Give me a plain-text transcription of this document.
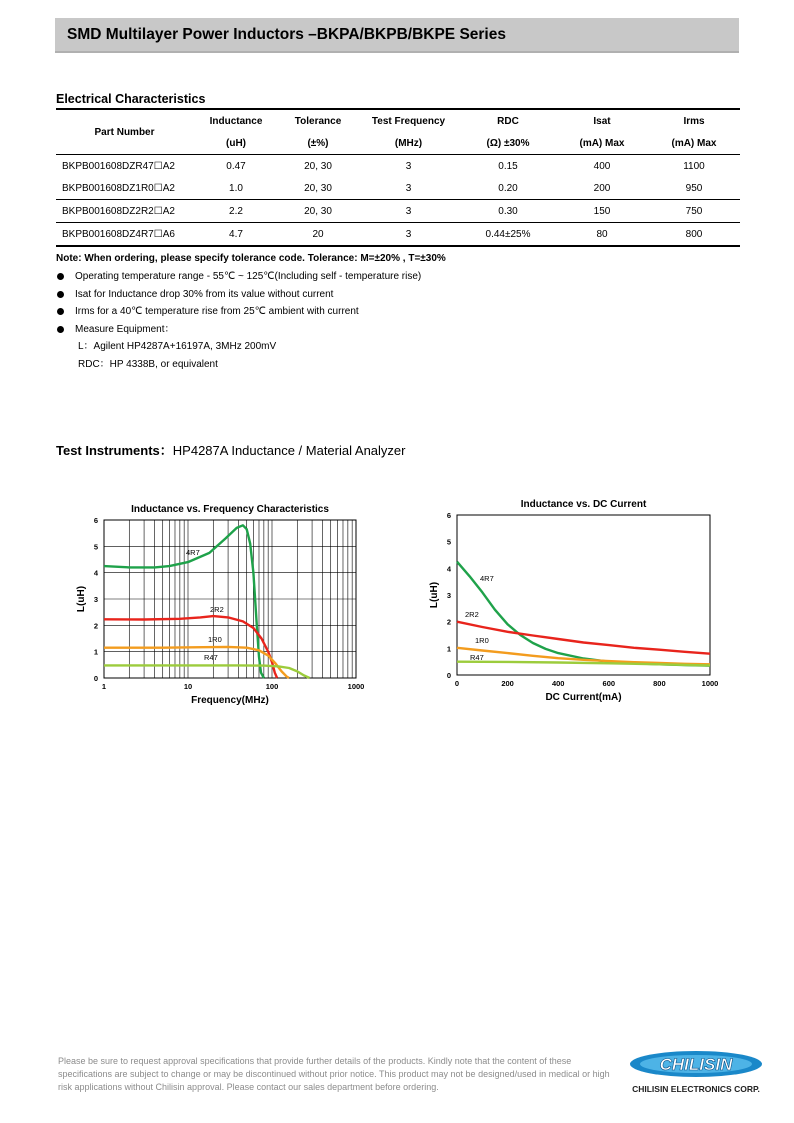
SMD Multilayer Power Inductors –BKPA/BKPB/BKPE Series
Electrical Characteristics
Part Number	Inductance	Tolerance	Test Frequency	RDC	Isat	Irms
	(uH)	(±%)	(MHz)	(Ω) ±30%	(mA) Max	(mA) Max
BKPB001608DZR47☐A2	0.47	20, 30	3	0.15	400	1100
BKPB001608DZ1R0☐A2	1.0	20, 30	3	0.20	200	950
BKPB001608DZ2R2☐A2	2.2	20, 30	3	0.30	150	750
BKPB001608DZ4R7☐A6	4.7	20	3	0.44±25%	80	800
Note: When ordering, please specify tolerance code. Tolerance: M=±20% , T=±30%
Operating temperature range - 55℃ ~ 125℃(Including self - temperature rise)
Isat for Inductance drop 30% from its value without current
Irms for a 40℃ temperature rise from 25℃ ambient with current
Measure Equipment：
L：Agilent HP4287A+16197A, 3MHz 200mV
RDC：HP 4338B, or equivalent
Test Instruments：HP4287A Inductance / Material Analyzer
Inductance vs. Frequency Characteristics
0
1
2
3
4
5
6
1	10	100	1000
Frequency(MHz)
L(uH)
4R7
2R2
1R0
R47
Inductance vs. DC Current
0
1
2
3
4
5
6
0	200	400	600	800	1000
DC Current(mA)
L(uH)
4R7
2R2
1R0
R47
Please be sure to request approval specifications that provide further details of the products. Kindly note that the content of these specifications are subject to change or may be discontinued without prior notice. This product may not be designed/used in medical or high risk applications without Chilisin approval. Please contact our sales department before ordering.
CHILISIN
CHILISIN ELECTRONICS CORP.
